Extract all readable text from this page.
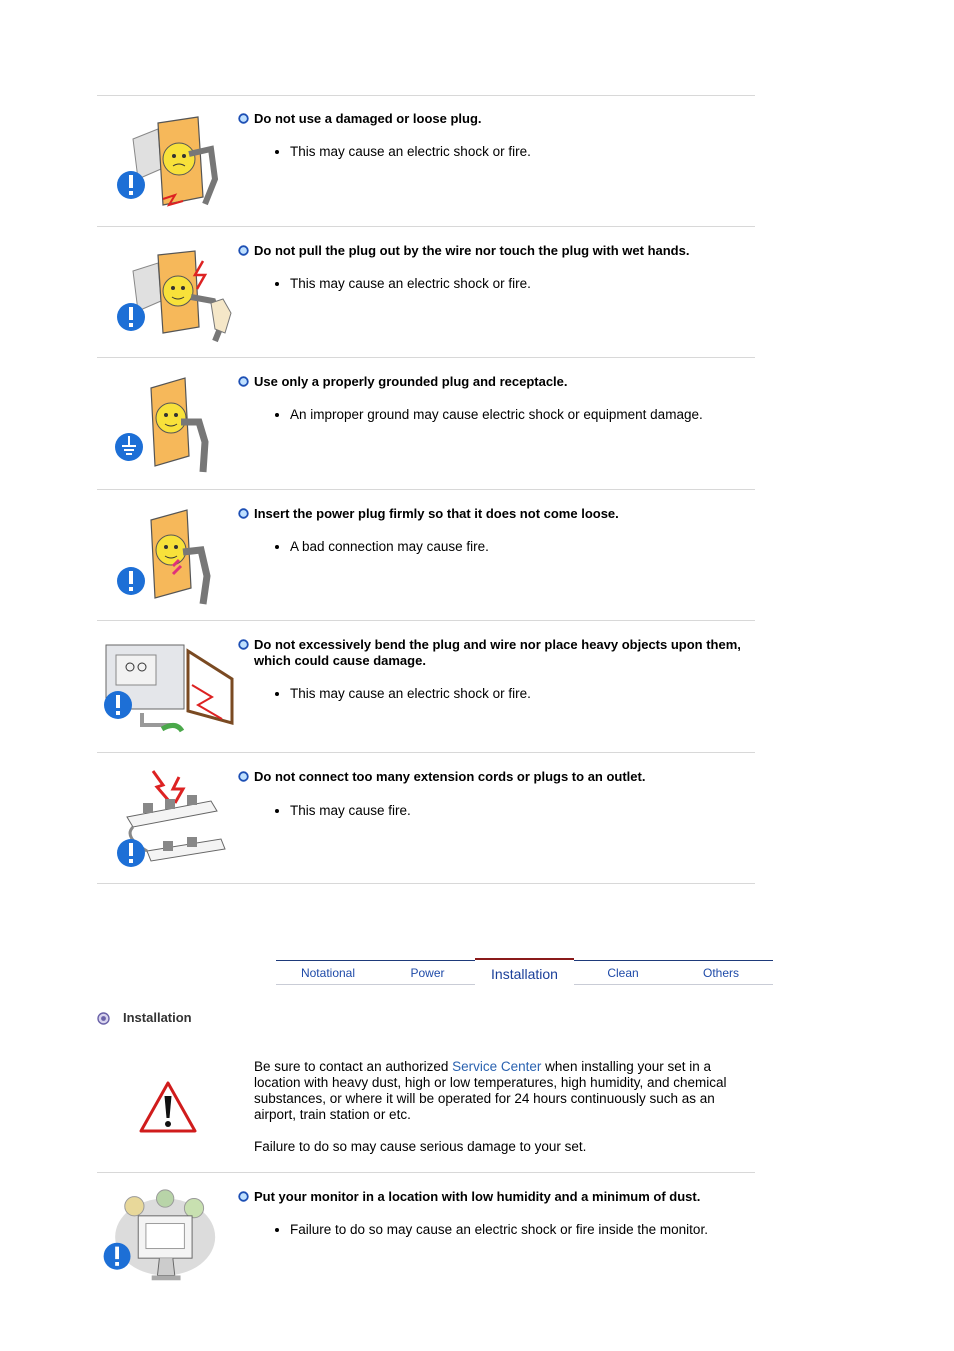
Do not use a damaged or loose plug.
This may cause an electric shock or fire.
Do not pull the plug out by the wire nor touch the plug with wet hands.
This may cause an electric shock or fire.
Use only a properly grounded plug and receptacle.
An improper ground may cause electric shock or equipment damage.
Insert the power plug firmly so that it does not come loose.
A bad connection may cause fire.
Do not excessively bend the plug and wire nor place heavy objects upon them, which could cause damage.
This may cause an electric shock or fire.
Do not connect too many extension cords or plugs to an outlet.
This may cause fire.
Notational	Power	Installation	Clean	Others
Installation

Be sure to contact an authorized Service Center when installing your set in a location with heavy dust, high or low temperatures, high humidity, and chemical substances, or where it will be operated for 24 hours continuously such as an airport, train station or etc.

Failure to do so may cause serious damage to your set.

Put your monitor in a location with low humidity and a minimum of dust.
Failure to do so may cause an electric shock or fire inside the monitor.
